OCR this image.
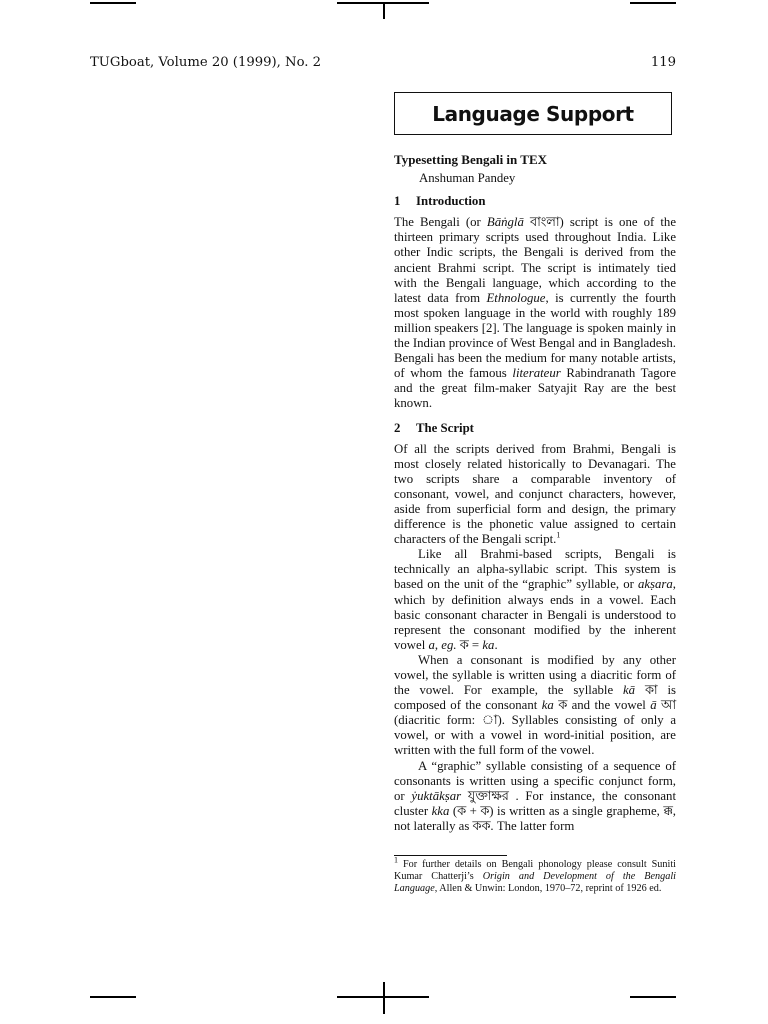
TUGboat, Volume 20 (1999), No. 2	119
Language Support
Typesetting Bengali in TEX
Anshuman Pandey
1 Introduction

The Bengali (or Bāṅglā বাংলা) script is one of the thirteen primary scripts used throughout India. Like other Indic scripts, the Bengali is derived from the ancient Brahmi script. The script is intimately tied with the Bengali language, which according to the latest data from Ethnologue, is currently the fourth most spoken language in the world with roughly 189 million speakers [2]. The language is spoken mainly in the Indian province of West Bengal and in Bangladesh. Bengali has been the medium for many notable artists, of whom the famous literateur Rabindranath Tagore and the great film-maker Satyajit Ray are the best known.

2 The Script

Of all the scripts derived from Brahmi, Bengali is most closely related historically to Devanagari. The two scripts share a comparable inventory of consonant, vowel, and conjunct characters, however, aside from superficial form and design, the primary difference is the phonetic value assigned to certain characters of the Bengali script.$^1$

Like all Brahmi-based scripts, Bengali is technically an alpha-syllabic script. This system is based on the unit of the “graphic” syllable, or akṣara, which by definition always ends in a vowel. Each basic consonant character in Bengali is understood to represent the consonant modified by the inherent vowel a, eg. ক = ka.

When a consonant is modified by any other vowel, the syllable is written using a diacritic form of the vowel. For example, the syllable kā কা is composed of the consonant ka ক and the vowel ā আ (diacritic form: া). Syllables consisting of only a vowel, or with a vowel in word-initial position, are written with the full form of the vowel.

A “graphic” syllable consisting of a sequence of consonants is written using a specific conjunct form, or ẏuktākṣar যুক্তাক্ষর . For instance, the consonant cluster kka (ক + ক) is written as a single grapheme, ক্ক, not laterally as কক. The latter form

$^1$ For further details on Bengali phonology please consult Suniti Kumar Chatterji’s Origin and Development of the Bengali Language, Allen & Unwin: London, 1970–72, reprint of 1926 ed.
